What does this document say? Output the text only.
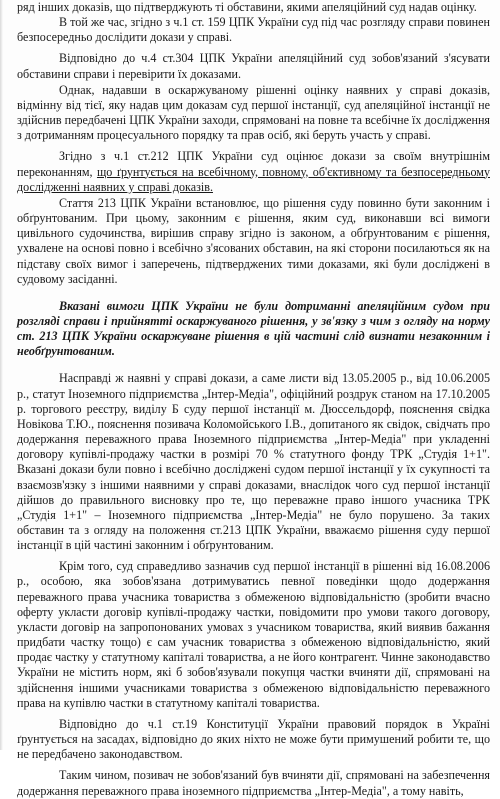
ряд інших доказів, що підтверджують ті обставини, якими апеляційний суд надав оцінку.

В той же час, згідно з ч.1 ст. 159 ЦПК України суд під час розгляду справи повинен безпосередньо дослідити докази у справі.

Відповідно до ч.4 ст.304 ЦПК України апеляційний суд зобов'язаний з'ясувати обставини справи і перевірити їх доказами.

Однак, надавши в оскаржуваному рішенні оцінку наявних у справі доказів, відмінну від тієї, яку надав цим доказам суд першої інстанції, суд апеляційної інстанції не здійснив передбачені ЦПК України заходи, спрямовані на повне та всебічне їх дослідження з дотриманням процесуального порядку та прав осіб, які беруть участь у справі.

Згідно з ч.1 ст.212 ЦПК України суд оцінює докази за своїм внутрішнім переконанням, що ґрунтується на всебічному, повному, об'єктивному та безпосередньому дослідженні наявних у справі доказів.

Стаття 213 ЦПК України встановлює, що рішення суду повинно бути законним і обґрунтованим. При цьому, законним є рішення, яким суд, виконавши всі вимоги цивільного судочинства, вирішив справу згідно із законом, а обґрунтованим є рішення, ухвалене на основі повно і всебічно з'ясованих обставин, на які сторони посилаються як на підставу своїх вимог і заперечень, підтверджених тими доказами, які були досліджені в судовому засіданні.

Вказані вимоги ЦПК України не були дотриманні апеляційним судом при розгляді справи і прийнятті оскаржуваного рішення, у зв'язку з чим з огляду на норму ст. 213 ЦПК України оскаржуване рішення в цій частині слід визнати незаконним і необґрунтованим.

Насправді ж наявні у справі докази, а саме листи від 13.05.2005 р., від 10.06.2005 р., статут Іноземного підприємства „Інтер-Медіа", офіційний роздрук станом на 17.10.2005 р. торгового реєстру, виділу Б суду першої інстанції м. Дюссельдорф, пояснення свідка Новікова Т.Ю., пояснення позивача Коломойського І.В., допитаного як свідок, свідчать про додержання переважного права Іноземного підприємства „Інтер-Медіа" при укладенні договору купівлі-продажу частки в розмірі 70 % статутного фонду ТРК „Студія 1+1". Вказані докази були повно і всебічно досліджені судом першої інстанції у їх сукупності та взаємозв'язку з іншими наявними у справі доказами, внаслідок чого суд першої інстанції дійшов до правильного висновку про те, що переважне право іншого учасника ТРК „Студія 1+1" – Іноземного підприємства „Інтер-Медіа" не було порушено. За таких обставин та з огляду на положення ст.213 ЦПК України, вважаємо рішення суду першої інстанції в цій частині законним і обґрунтованим.

Крім того, суд справедливо зазначив суд першої інстанції в рішенні від 16.08.2006 р., особою, яка зобов'язана дотримуватись певної поведінки щодо додержання переважного права учасника товариства з обмеженою відповідальністю (зробити вчасно оферту укласти договір купівлі-продажу частки, повідомити про умови такого договору, укласти договір на запропонованих умовах з учасником товариства, який виявив бажання придбати частку тощо) є сам учасник товариства з обмеженою відповідальністю, який продає частку у статутному капіталі товариства, а не його контрагент. Чинне законодавство України не містить норм, які б зобов'язували покупця частки вчиняти дії, спрямовані на здійснення іншими учасниками товариства з обмеженою відповідальністю переважного права на купівлю частки в статутному капіталі товариства.

Відповідно до ч.1 ст.19 Конституції України правовий порядок в Україні ґрунтується на засадах, відповідно до яких ніхто не може бути примушений робити те, що не передбачено законодавством.

Таким чином, позивач не зобов'язаний був вчиняти дії, спрямовані на забезпечення додержання переважного права іноземного підприємства „Інтер-Медіа", а тому навіть,
